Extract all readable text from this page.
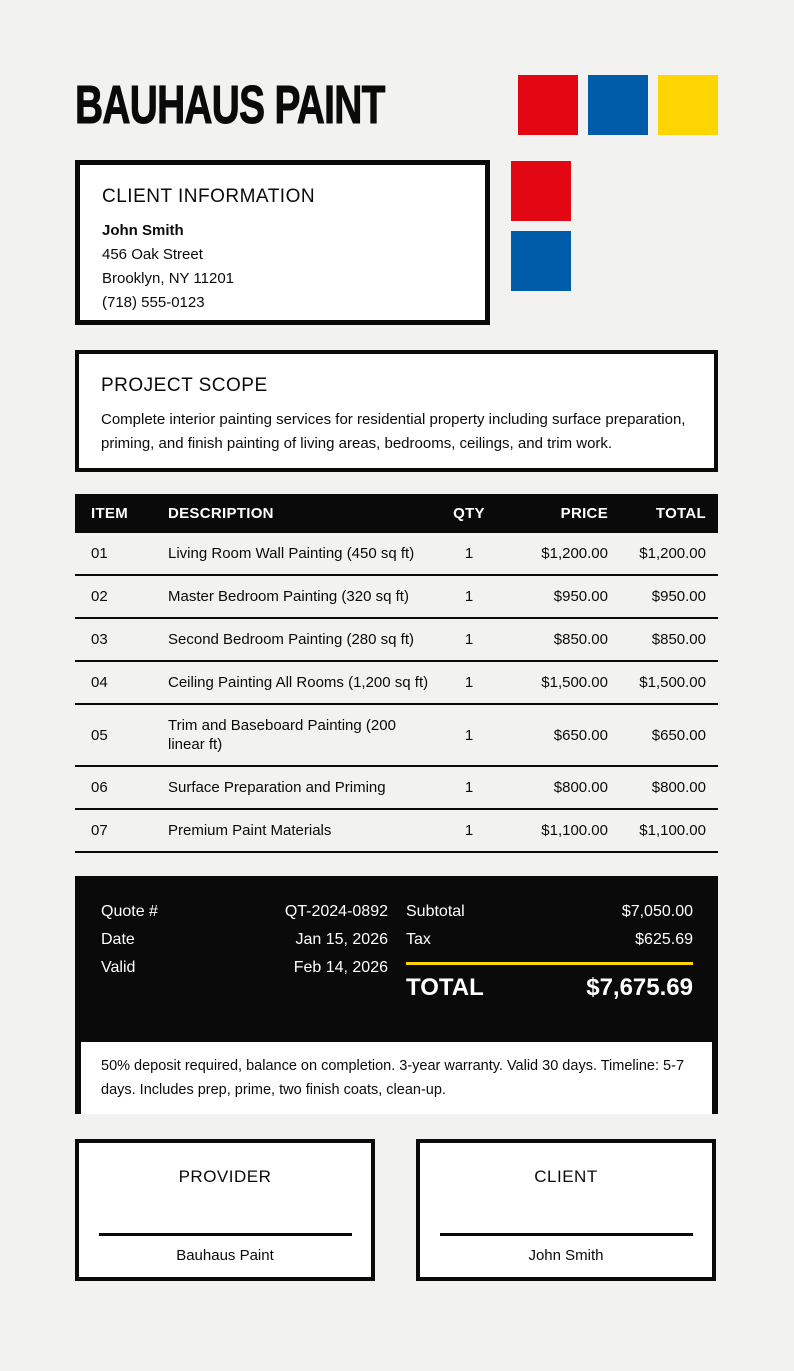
BAUHAUS PAINT
CLIENT INFORMATION
John Smith
456 Oak Street
Brooklyn, NY 11201
(718) 555-0123
PROJECT SCOPE
Complete interior painting services for residential property including surface preparation, priming, and finish painting of living areas, bedrooms, ceilings, and trim work.
ITEM	DESCRIPTION	QTY	PRICE	TOTAL
01	Living Room Wall Painting (450 sq ft)	1	$1,200.00	$1,200.00
02	Master Bedroom Painting (320 sq ft)	1	$950.00	$950.00
03	Second Bedroom Painting (280 sq ft)	1	$850.00	$850.00
04	Ceiling Painting All Rooms (1,200 sq ft)	1	$1,500.00	$1,500.00
05	Trim and Baseboard Painting (200 linear ft)	1	$650.00	$650.00
06	Surface Preparation and Priming	1	$800.00	$800.00
07	Premium Paint Materials	1	$1,100.00	$1,100.00
Quote #	QT-2024-0892
Date	Jan 15, 2026
Valid	Feb 14, 2026
Subtotal	$7,050.00
Tax	$625.69
TOTAL	$7,675.69
50% deposit required, balance on completion. 3-year warranty. Valid 30 days. Timeline: 5-7 days. Includes prep, prime, two finish coats, clean-up.
PROVIDER
Bauhaus Paint
CLIENT
John Smith
